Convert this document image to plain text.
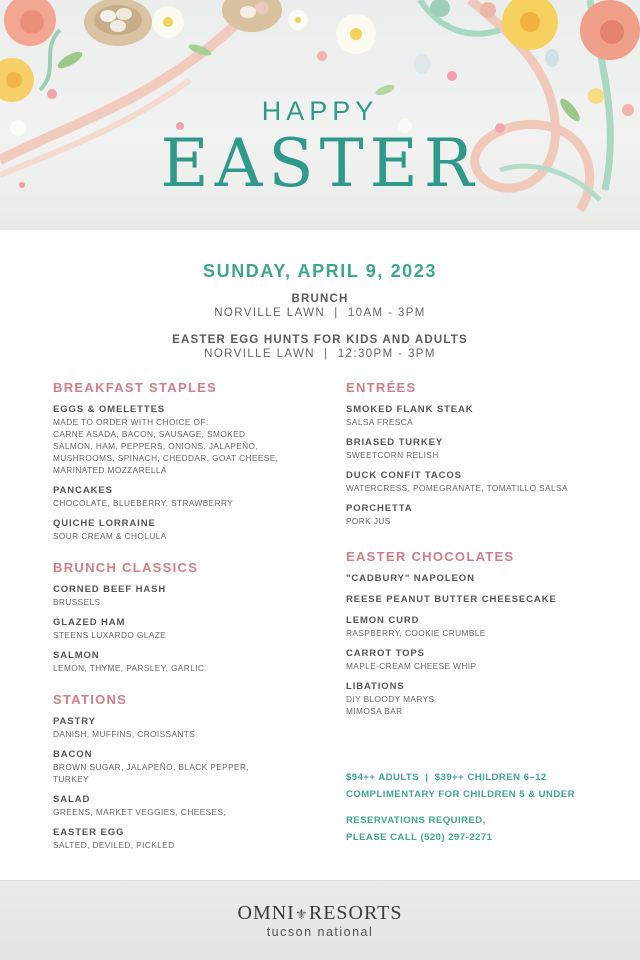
HAPPY
EASTER
SUNDAY, APRIL 9, 2023
BRUNCH
NORVILLE LAWN  |  10AM - 3PM
EASTER EGG HUNTS FOR KIDS AND ADULTS
NORVILLE LAWN  |  12:30PM - 3PM
BREAKFAST STAPLES
EGGS & OMELETTES
MADE TO ORDER WITH CHOICE OF:
CARNE ASADA, BACON, SAUSAGE, SMOKED
SALMON, HAM, PEPPERS, ONIONS, JALAPEÑO,
MUSHROOMS, SPINACH, CHEDDAR, GOAT CHEESE,
MARINATED MOZZARELLA
PANCAKES
CHOCOLATE, BLUEBERRY, STRAWBERRY
QUICHE LORRAINE
SOUR CREAM & CHOLULA
BRUNCH CLASSICS
CORNED BEEF HASH
BRUSSELS
GLAZED HAM
STEENS LUXARDO GLAZE
SALMON
LEMON, THYME, PARSLEY, GARLIC
STATIONS
PASTRY
DANISH, MUFFINS, CROISSANTS
BACON
BROWN SUGAR, JALAPEÑO, BLACK PEPPER,
TURKEY
SALAD
GREENS, MARKET VEGGIES, CHEESES,
EASTER EGG
SALTED, DEVILED, PICKLED
ENTRÉES
SMOKED FLANK STEAK
SALSA FRESCA
BRIASED TURKEY
SWEETCORN RELISH
DUCK CONFIT TACOS
WATERCRESS, POMEGRANATE, TOMATILLO SALSA
PORCHETTA
PORK JUS
EASTER CHOCOLATES
"CADBURY" NAPOLEON
REESE PEANUT BUTTER CHEESECAKE
LEMON CURD
RASPBERRY, COOKIE CRUMBLE
CARROT TOPS
MAPLE-CREAM CHEESE WHIP
LIBATIONS
DIY BLOODY MARYS
MIMOSA BAR
$94++ ADULTS  |  $39++ CHILDREN 6–12
COMPLIMENTARY FOR CHILDREN 5 & UNDER
RESERVATIONS REQUIRED,
PLEASE CALL (520) 297-2271
OMNI⚜RESORTS
tucson national
